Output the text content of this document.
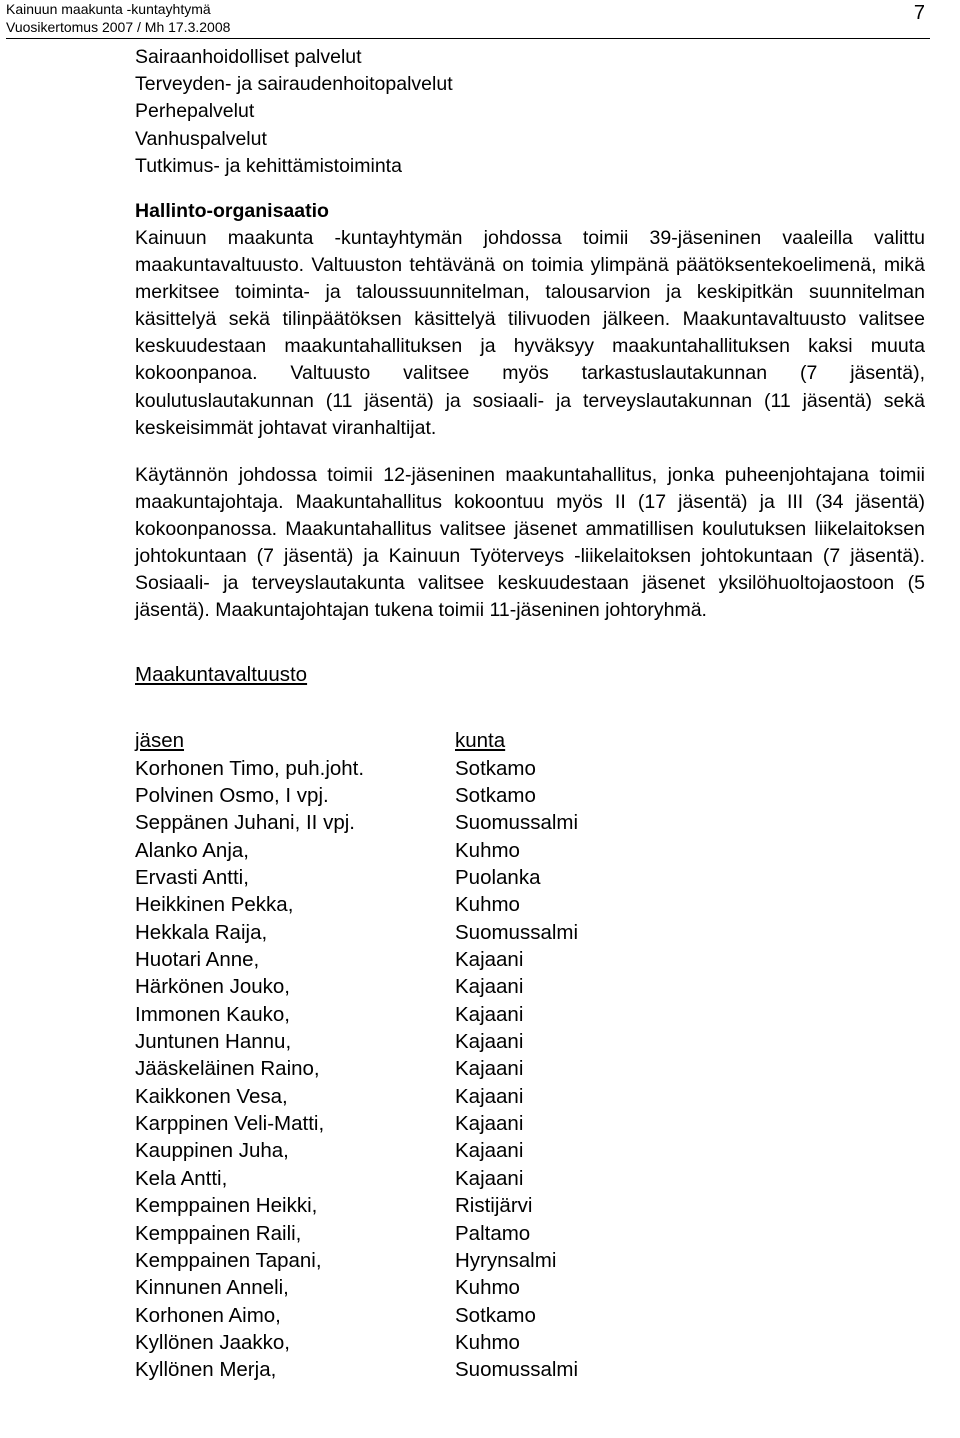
Kainuun maakunta -kuntayhtymä
Vuosikertomus 2007 / Mh 17.3.2008
7
Sairaanhoidolliset palvelut
Terveyden- ja sairaudenhoitopalvelut
Perhepalvelut
Vanhuspalvelut
Tutkimus- ja kehittämistoiminta
Hallinto-organisaatio

Kainuun maakunta -kuntayhtymän johdossa toimii 39-jäseninen vaaleilla valittu maakuntavaltuusto. Valtuuston tehtävänä on toimia ylimpänä päätöksentekoelimenä, mikä merkitsee toiminta- ja taloussuunnitelman, talousarvion ja keskipitkän suunnitelman käsittelyä sekä tilinpäätöksen käsittelyä tilivuoden jälkeen. Maakuntavaltuusto valitsee keskuudestaan maakuntahallituksen ja hyväksyy maakuntahallituksen kaksi muuta kokoonpanoa. Valtuusto valitsee myös tarkastuslautakunnan (7 jäsentä), koulutuslautakunnan (11 jäsentä) ja sosiaali- ja terveyslautakunnan (11 jäsentä) sekä keskeisimmät johtavat viranhaltijat.

Käytännön johdossa toimii 12-jäseninen maakuntahallitus, jonka puheenjohtajana toimii maakuntajohtaja. Maakuntahallitus kokoontuu myös II (17 jäsentä) ja III (34 jäsentä) kokoonpanossa. Maakuntahallitus valitsee jäsenet ammatillisen koulutuksen liikelaitoksen johtokuntaan (7 jäsentä) ja Kainuun Työterveys -liikelaitoksen johtokuntaan (7 jäsentä). Sosiaali- ja terveyslautakunta valitsee keskuudestaan jäsenet yksilöhuoltojaostoon (5 jäsentä). Maakuntajohtajan tukena toimii 11-jäseninen johtoryhmä.

Maakuntavaltuusto
jäsen	kunta
Korhonen Timo, puh.joht.	Sotkamo
Polvinen Osmo, I vpj.	Sotkamo
Seppänen Juhani, II vpj.	Suomussalmi
Alanko Anja,	Kuhmo
Ervasti Antti,	Puolanka
Heikkinen Pekka,	Kuhmo
Hekkala Raija,	Suomussalmi
Huotari Anne,	Kajaani
Härkönen Jouko,	Kajaani
Immonen Kauko,	Kajaani
Juntunen Hannu,	Kajaani
Jääskeläinen Raino,	Kajaani
Kaikkonen Vesa,	Kajaani
Karppinen Veli-Matti,	Kajaani
Kauppinen Juha,	Kajaani
Kela Antti,	Kajaani
Kemppainen Heikki,	Ristijärvi
Kemppainen Raili,	Paltamo
Kemppainen Tapani,	Hyrynsalmi
Kinnunen Anneli,	Kuhmo
Korhonen Aimo,	Sotkamo
Kyllönen Jaakko,	Kuhmo
Kyllönen Merja,	Suomussalmi
